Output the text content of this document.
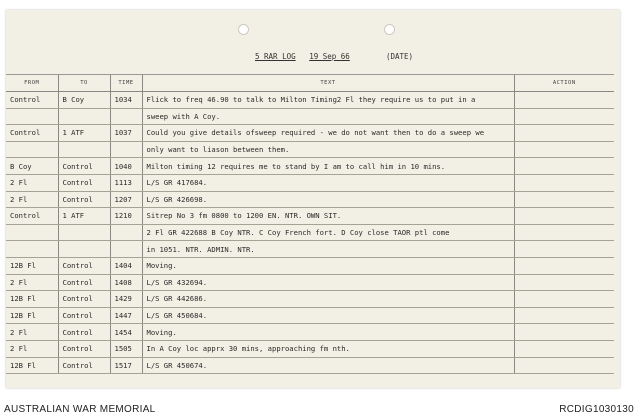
5 RAR LOG 19 Sep 66	(DATE)
FROM	TO	TIME	TEXT	ACTION
Control	B Coy	1034	Flick to freq 46.90 to talk to Milton Timing2 Fl they require us to put in a	
			sweep with A Coy.	
Control	1 ATF	1037	Could you give details ofsweep required - we do not want then to do a sweep we	
			only want to liason between them.	
B Coy	Control	1040	Milton timing 12 requires me to stand by I am to call him in 10 mins.	
2 Fl	Control	1113	L/S GR 417684.	
2 Fl	Control	1207	L/S GR 426698.	
Control	1 ATF	1210	Sitrep No 3 fm 0800 to 1200 EN. NTR. OWN SIT.	
			2 Fl GR 422688 B Coy NTR. C Coy French fort. D Coy close TAOR ptl come	
			in 1051. NTR. ADMIN. NTR.	
12B Fl	Control	1404	Moving.	
2 Fl	Control	1408	L/S GR 432694.	
12B Fl	Control	1429	L/S GR 442686.	
12B Fl	Control	1447	L/S GR 450684.	
2 Fl	Control	1454	Moving.	
2 Fl	Control	1505	In A Coy loc apprx 30 mins, approaching fm nth.	
12B Fl	Control	1517	L/S GR 450674.	
AUSTRALIAN WAR MEMORIAL	RCDIG1030130
